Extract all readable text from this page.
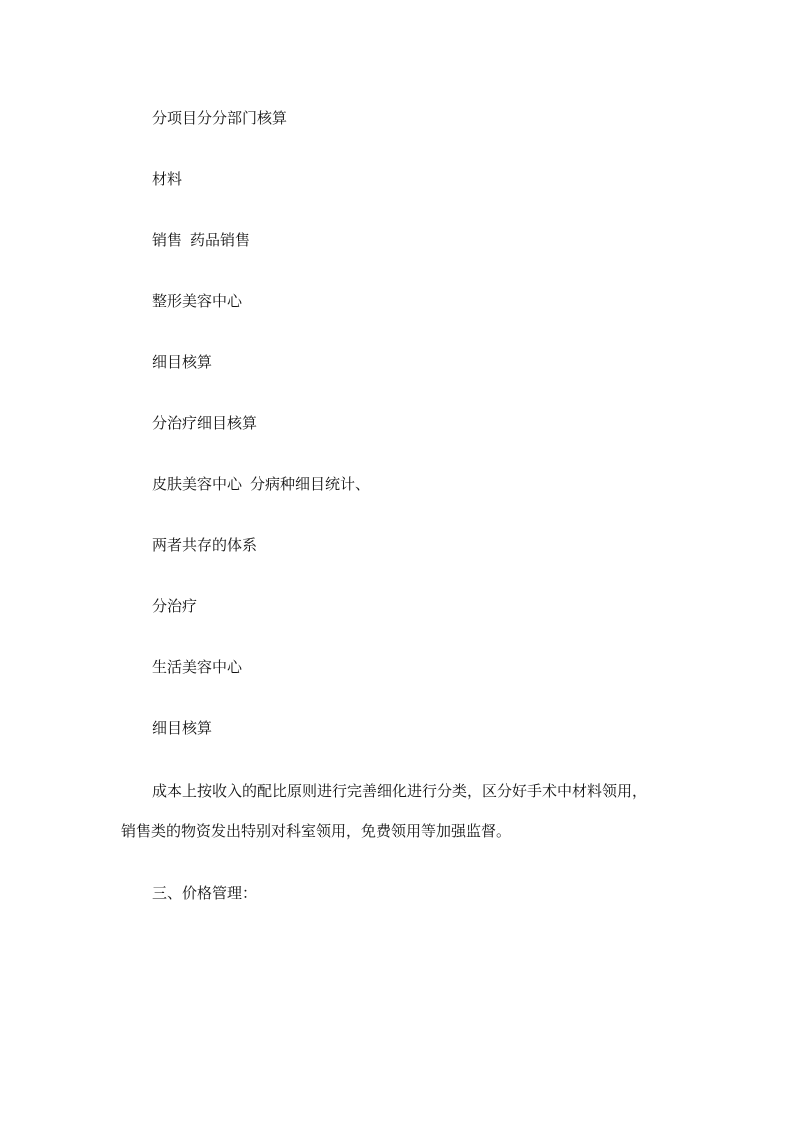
分项目分分部门核算
材料
销售 药品销售
整形美容中心
细目核算
分治疗细目核算
皮肤美容中心 分病种细目统计、
两者共存的体系
分治疗
生活美容中心
细目核算
成本上按收入的配比原则进行完善细化进行分类，区分好手术中材料领用，
销售类的物资发出特别对科室领用，免费领用等加强监督。
三、价格管理：
